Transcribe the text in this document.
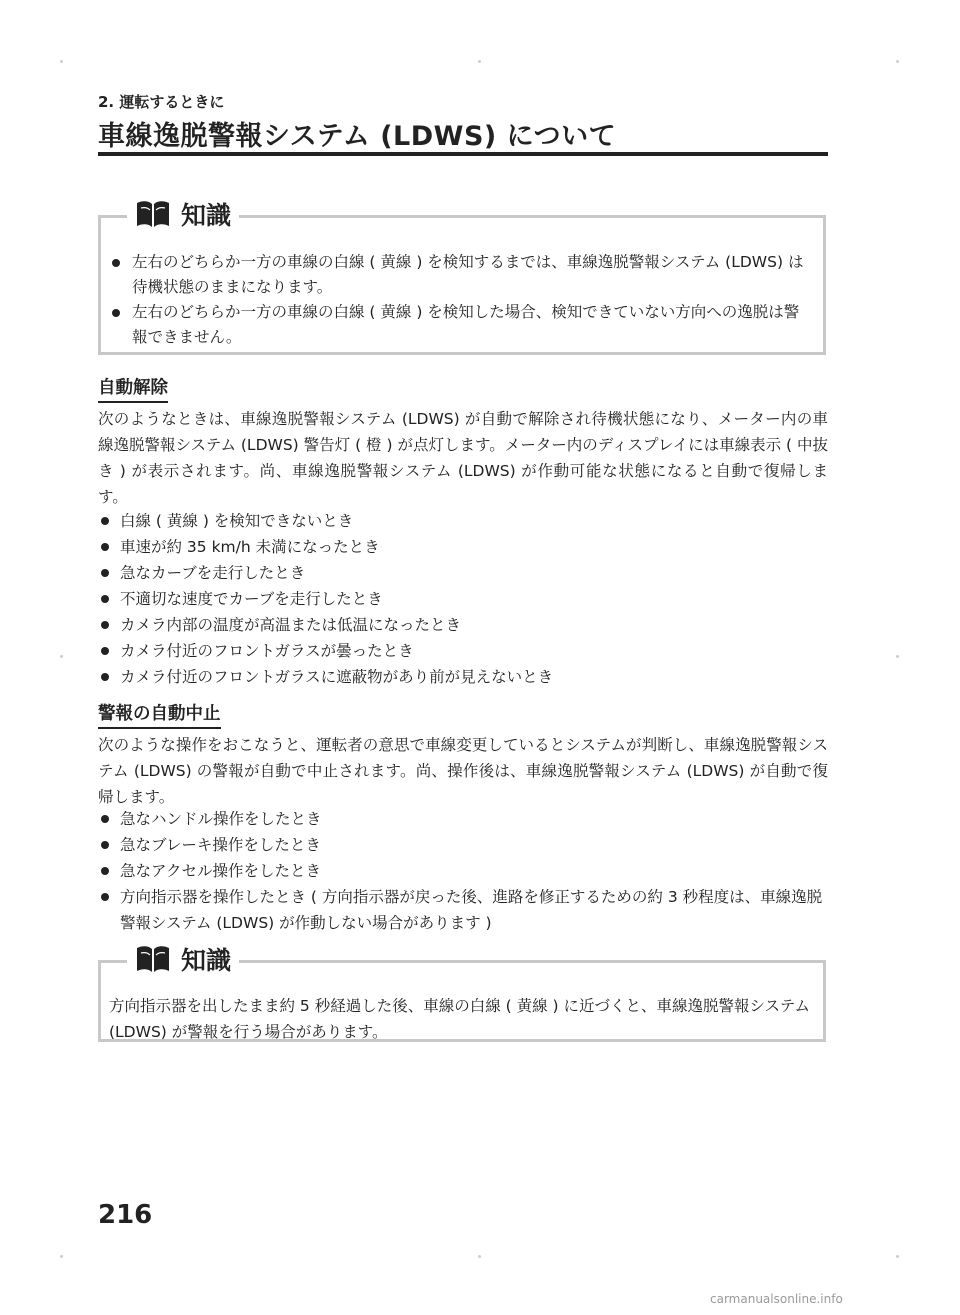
2. 運転するときに
車線逸脱警報システム (LDWS) について
知識
左右のどちらか一方の車線の白線 ( 黄線 ) を検知するまでは、車線逸脱警報システム (LDWS) は待機状態のままになります。
左右のどちらか一方の車線の白線 ( 黄線 ) を検知した場合、検知できていない方向への逸脱は警報できません。
自動解除
次のようなときは、車線逸脱警報システム (LDWS) が自動で解除され待機状態になり、メーター内の車線逸脱警報システム (LDWS) 警告灯 ( 橙 ) が点灯します。メーター内のディスプレイには車線表示 ( 中抜き ) が表示されます。尚、車線逸脱警報システム (LDWS) が作動可能な状態になると自動で復帰します。
白線 ( 黄線 ) を検知できないとき
車速が約 35 km/h 未満になったとき
急なカーブを走行したとき
不適切な速度でカーブを走行したとき
カメラ内部の温度が高温または低温になったとき
カメラ付近のフロントガラスが曇ったとき
カメラ付近のフロントガラスに遮蔽物があり前が見えないとき
警報の自動中止
次のような操作をおこなうと、運転者の意思で車線変更しているとシステムが判断し、車線逸脱警報システム (LDWS) の警報が自動で中止されます。尚、操作後は、車線逸脱警報システム (LDWS) が自動で復帰します。
急なハンドル操作をしたとき
急なブレーキ操作をしたとき
急なアクセル操作をしたとき
方向指示器を操作したとき ( 方向指示器が戻った後、進路を修正するための約 3 秒程度は、車線逸脱警報システム (LDWS) が作動しない場合があります )
知識
方向指示器を出したまま約 5 秒経過した後、車線の白線 ( 黄線 ) に近づくと、車線逸脱警報システム (LDWS) が警報を行う場合があります。
216
carmanualsonline.info
